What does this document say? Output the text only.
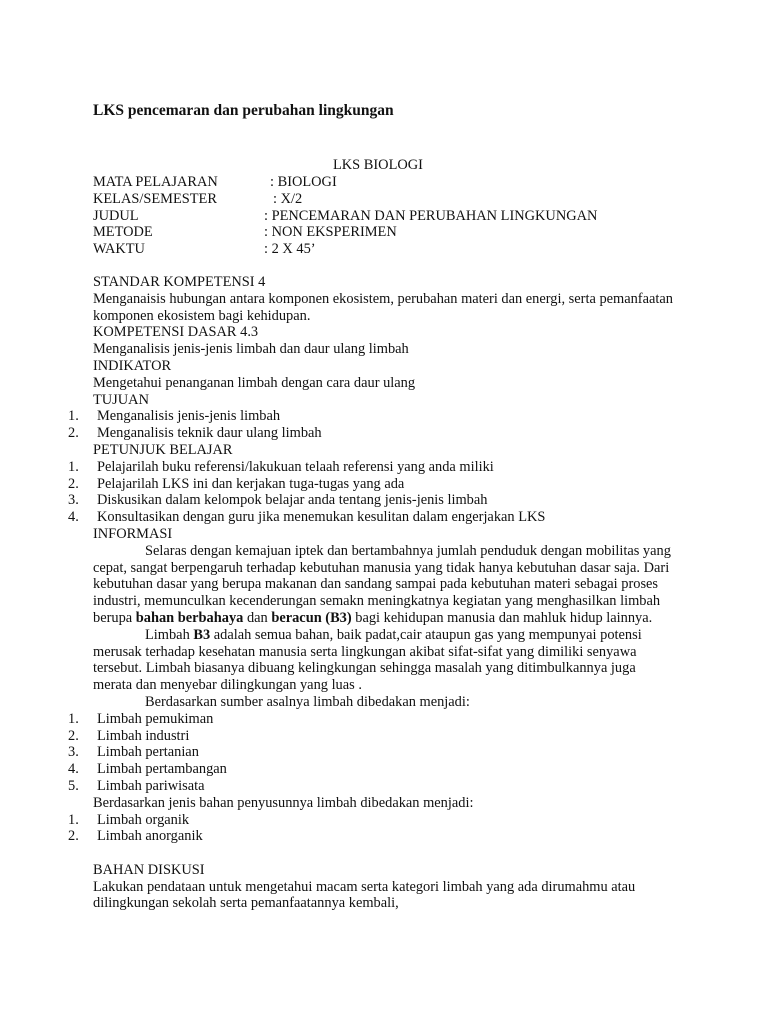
LKS pencemaran dan perubahan lingkungan
LKS BIOLOGI
MATA PELAJARAN	: BIOLOGI
KELAS/SEMESTER	: X/2
JUDUL	: PENCEMARAN DAN PERUBAHAN LINGKUNGAN
METODE	: NON EKSPERIMEN
WAKTU	: 2 X 45’
STANDAR KOMPETENSI 4
Menganaisis hubungan antara komponen ekosistem, perubahan materi dan energi, serta pemanfaatan komponen ekosistem bagi kehidupan.
KOMPETENSI DASAR 4.3
Menganalisis jenis-jenis limbah dan daur ulang limbah
INDIKATOR
Mengetahui penanganan limbah dengan cara daur ulang
TUJUAN
1. Menganalisis jenis-jenis limbah
2. Menganalisis teknik daur ulang limbah
PETUNJUK BELAJAR
1. Pelajarilah buku referensi/lakukuan telaah referensi yang anda miliki
2. Pelajarilah LKS ini dan kerjakan tuga-tugas yang ada
3. Diskusikan dalam kelompok belajar anda tentang jenis-jenis limbah
4. Konsultasikan dengan guru jika menemukan kesulitan dalam engerjakan LKS
INFORMASI
Selaras dengan kemajuan iptek dan bertambahnya jumlah penduduk dengan mobilitas yang cepat, sangat berpengaruh terhadap kebutuhan manusia yang tidak hanya kebutuhan dasar saja. Dari kebutuhan dasar yang berupa makanan dan sandang sampai pada kebutuhan materi sebagai proses industri, memunculkan kecenderungan semakn meningkatnya kegiatan yang menghasilkan limbah berupa bahan berbahaya dan beracun (B3) bagi kehidupan manusia dan mahluk hidup lainnya.
Limbah B3 adalah semua bahan, baik padat,cair ataupun gas yang mempunyai potensi merusak terhadap kesehatan manusia serta lingkungan akibat sifat-sifat yang dimiliki senyawa tersebut. Limbah biasanya dibuang kelingkungan sehingga masalah yang ditimbulkannya juga merata dan menyebar dilingkungan yang luas .
Berdasarkan sumber asalnya limbah dibedakan menjadi:
1. Limbah pemukiman
2. Limbah industri
3. Limbah pertanian
4. Limbah pertambangan
5. Limbah pariwisata
Berdasarkan jenis bahan penyusunnya limbah dibedakan menjadi:
1. Limbah organik
2. Limbah anorganik
BAHAN DISKUSI
Lakukan pendataan untuk mengetahui macam serta kategori limbah yang ada dirumahmu atau dilingkungan sekolah serta pemanfaatannya kembali,
